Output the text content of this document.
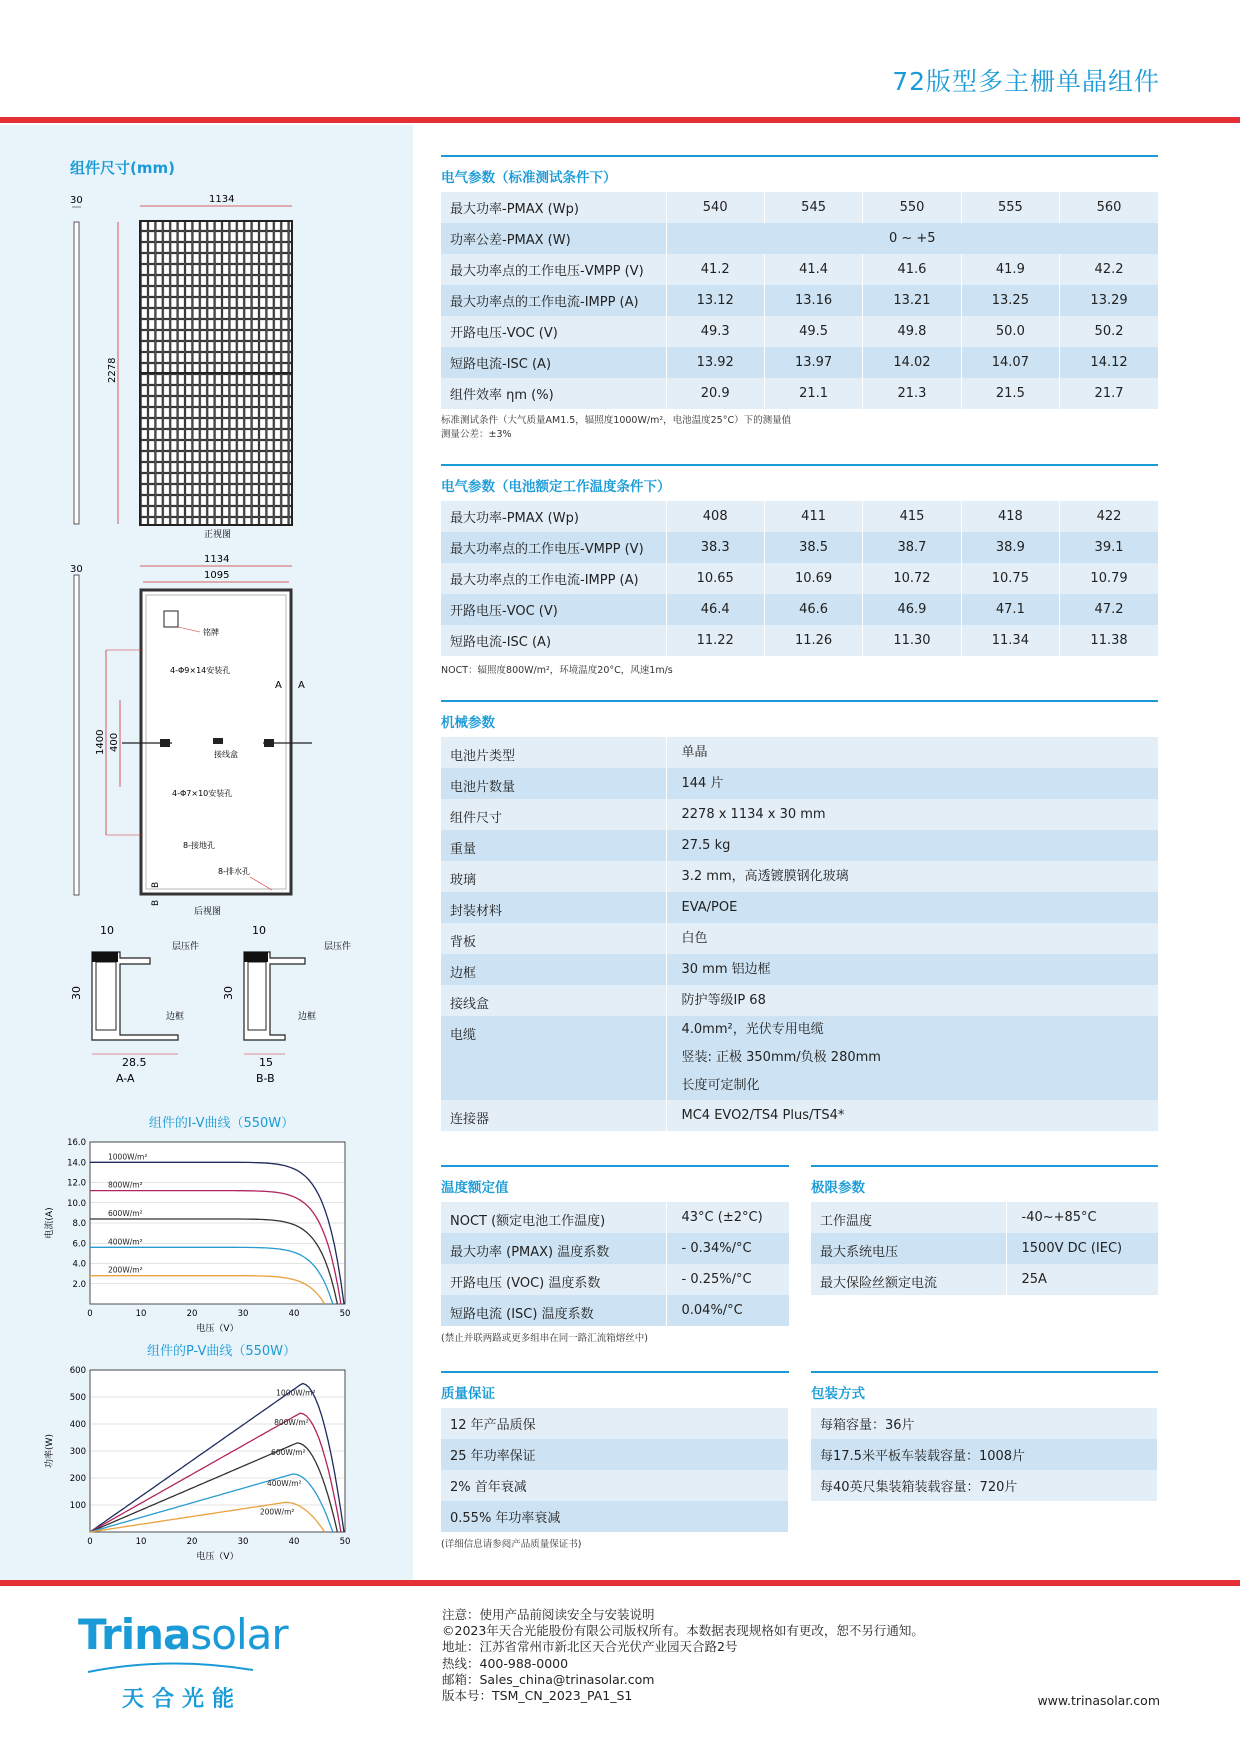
72版型多主栅单晶组件
组件尺寸(mm)
30	1134
2278
正视图
30
1134
1095
铭牌
1400 400
4-Φ9×14安装孔
4-Φ7×10安装孔
接线盒
8-接地孔
8-排水孔
A A
B
B
后视图
10
30
层压件
边框
28.5
A-A
10
30
层压件
边框
15
B-B
组件的I-V曲线（550W）
2.0
4.0
6.0
8.0
10.0
12.0
14.0
16.0
0	10	20	30	40	50
电流(A)
电压（V）
1000W/m²
800W/m²
600W/m²
400W/m²
200W/m²
组件的P-V曲线（550W）
100
200
300
400
500
600
0	10	20	30	40	50
功率(W)
电压（V）
1000W/m²
800W/m²
600W/m²
400W/m²
200W/m²
电气参数（标准测试条件下）
最大功率-PMAX (Wp)	540	545	550	555	560
功率公差-PMAX (W)	0 ~ +5				
最大功率点的工作电压-VMPP (V)	41.2	41.4	41.6	41.9	42.2
最大功率点的工作电流-IMPP (A)	13.12	13.16	13.21	13.25	13.29
开路电压-VOC (V)	49.3	49.5	49.8	50.0	50.2
短路电流-ISC (A)	13.92	13.97	14.02	14.07	14.12
组件效率 ηm (%)	20.9	21.1	21.3	21.5	21.7
标准测试条件（大气质量AM1.5，辐照度1000W/m²，电池温度25°C）下的测量值
测量公差：±3%
电气参数（电池额定工作温度条件下）
最大功率-PMAX (Wp)	408	411	415	418	422
最大功率点的工作电压-VMPP (V)	38.3	38.5	38.7	38.9	39.1
最大功率点的工作电流-IMPP (A)	10.65	10.69	10.72	10.75	10.79
开路电压-VOC (V)	46.4	46.6	46.9	47.1	47.2
短路电流-ISC (A)	11.22	11.26	11.30	11.34	11.38
NOCT：辐照度800W/m²，环境温度20°C，风速1m/s
机械参数
电池片类型	单晶

电池片数量	144 片

组件尺寸	2278 x 1134 x 30 mm

重量	27.5 kg

玻璃	3.2 mm，高透镀膜钢化玻璃

封装材料	EVA/POE

背板	白色

边框	30 mm 铝边框

接线盒	防护等级IP 68

电缆	4.0mm²，光伏专用电缆
竖装: 正极 350mm/负极 280mm
长度可定制化

连接器	MC4 EVO2/TS4 Plus/TS4*
温度额定值
NOCT (额定电池工作温度)	43°C (±2°C)

最大功率 (PMAX) 温度系数	- 0.34%/°C

开路电压 (VOC) 温度系数	- 0.25%/°C

短路电流 (ISC) 温度系数	0.04%/°C
(禁止并联两路或更多组串在同一路汇流箱熔丝中)
极限参数
工作温度	-40~+85°C

最大系统电压	1500V DC (IEC)

最大保险丝额定电流	25A
质量保证
12 年产品质保
25 年功率保证
2% 首年衰减
0.55% 年功率衰减
(详细信息请参阅产品质量保证书)
包装方式
每箱容量：36片
每17.5米平板车装载容量：1008片
每40英尺集装箱装载容量：720片
Trinasolar
天合光能
注意：使用产品前阅读安全与安装说明
©2023年天合光能股份有限公司版权所有。本数据表现规格如有更改，恕不另行通知。
地址：江苏省常州市新北区天合光伏产业园天合路2号
热线：400-988-0000
邮箱：Sales_china@trinasolar.com
版本号：TSM_CN_2023_PA1_S1	www.trinasolar.com
